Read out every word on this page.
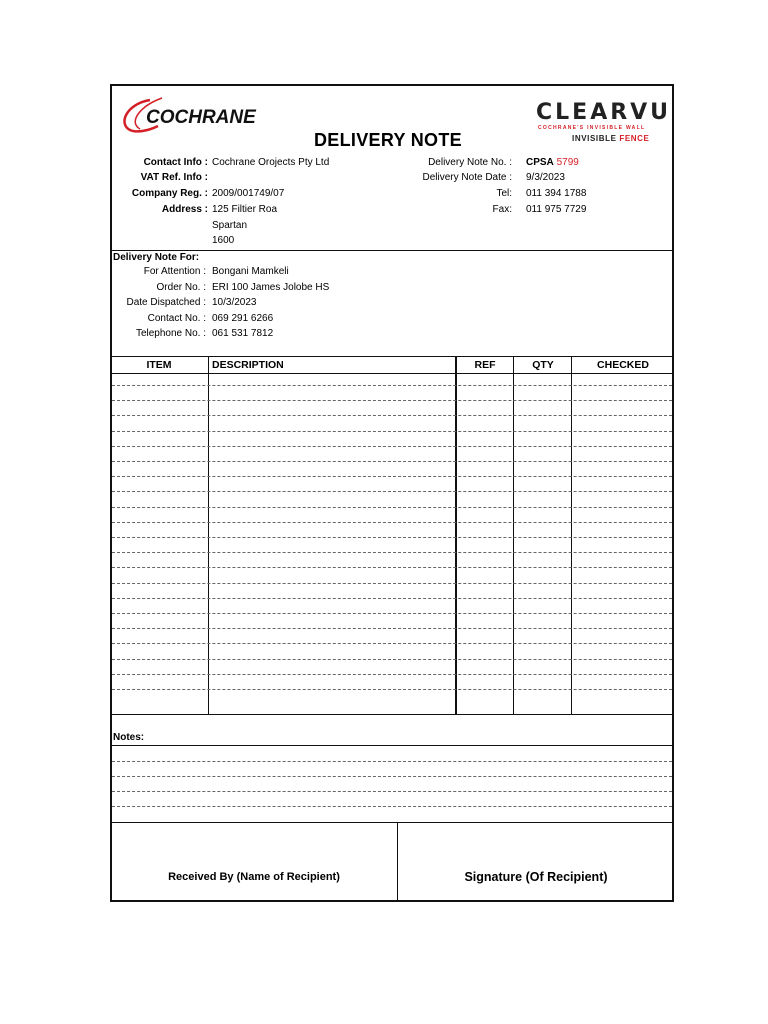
COCHRANE	CLEARVU
COCHRANE'S INVISIBLE WALL
INVISIBLE FENCE
DELIVERY NOTE
Contact Info : Cochrane Orojects Pty Ltd
VAT Ref. Info :
Company Reg. : 2009/001749/07
Address : 125 Filtier Roa
Spartan
1600
Delivery Note No. : CPSA 5799
Delivery Note Date : 9/3/2023
Tel: 011 394 1788
Fax: 011 975 7729
Delivery Note For:
For Attention : Bongani Mamkeli
Order No. : ERI 100 James Jolobe HS
Date Dispatched : 10/3/2023
Contact No. : 069 291 6266
Telephone No. : 061 531 7812
ITEM	DESCRIPTION	REF	QTY	CHECKED
Notes:
Received By (Name of Recipient)	Signature (Of Recipient)
